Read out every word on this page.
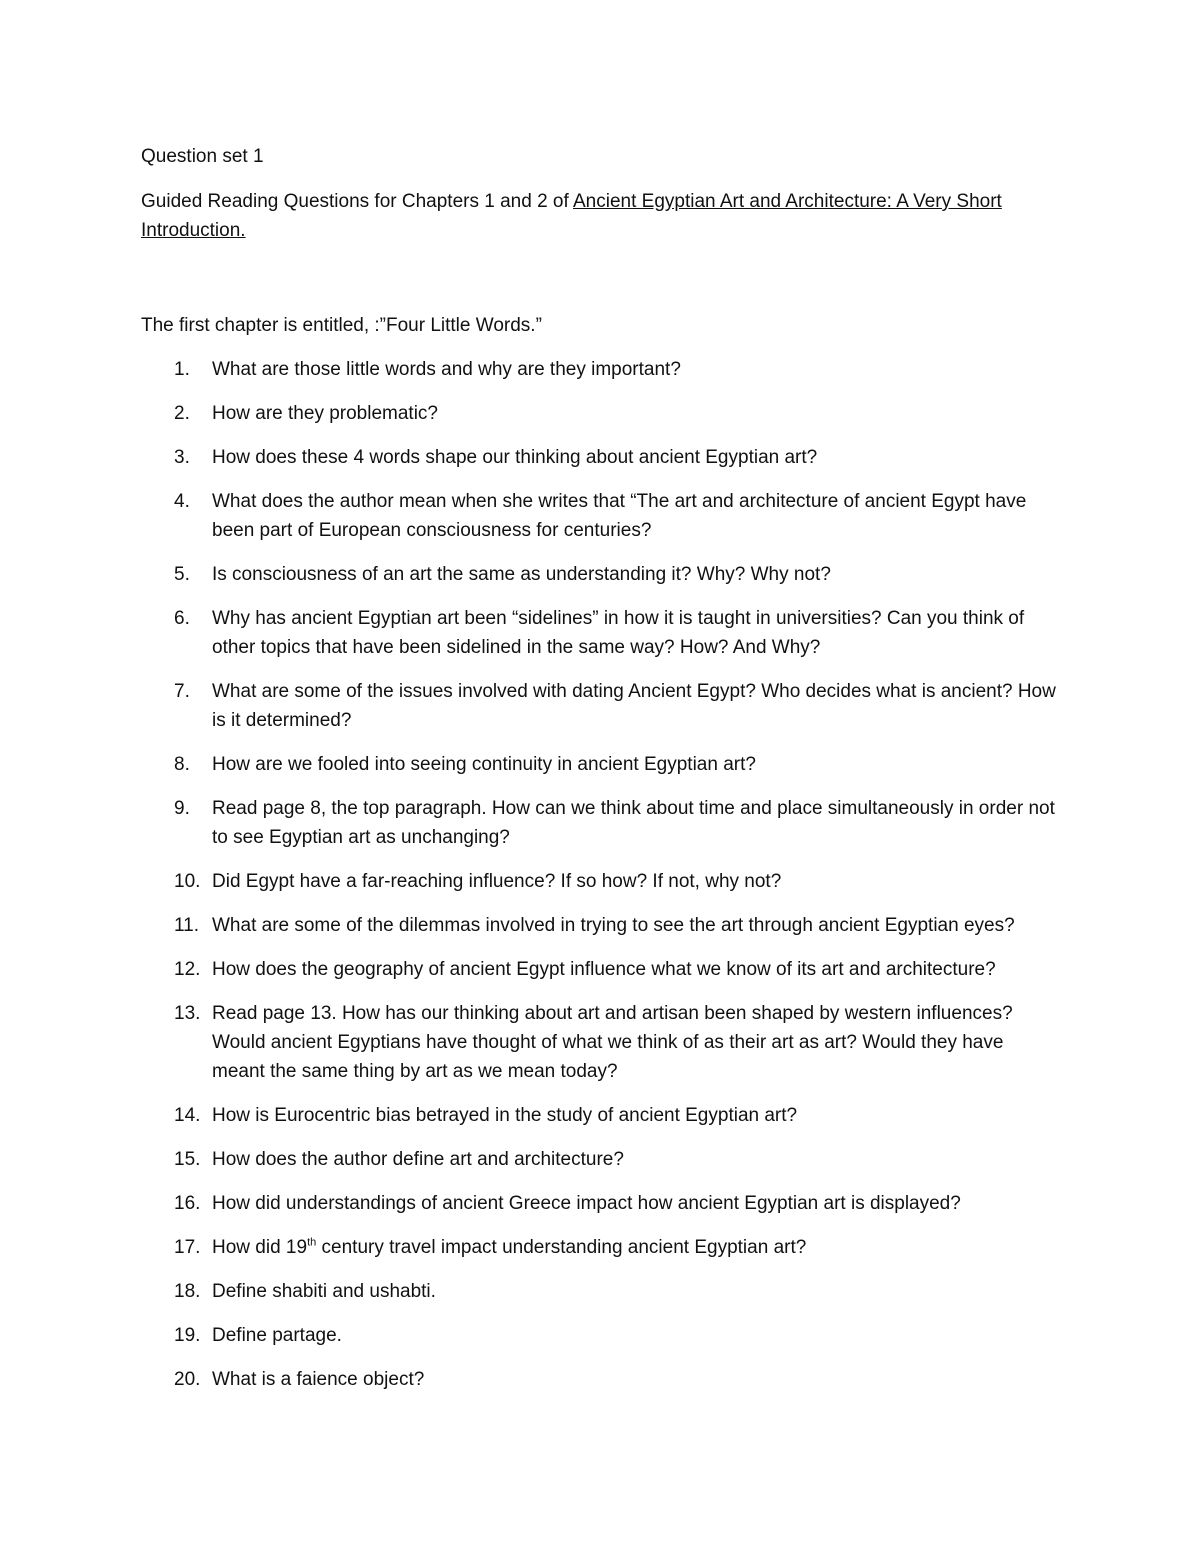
Question set 1

Guided Reading Questions for Chapters 1 and 2 of Ancient Egyptian Art and Architecture: A Very Short Introduction.

The first chapter is entitled, :”Four Little Words.”

1. What are those little words and why are they important?
2. How are they problematic?
3. How does these 4 words shape our thinking about ancient Egyptian art?
4. What does the author mean when she writes that “The art and architecture of ancient Egypt have been part of European consciousness for centuries?
5. Is consciousness of an art the same as understanding it? Why? Why not?
6. Why has ancient Egyptian art been “sidelines” in how it is taught in universities? Can you think of other topics that have been sidelined in the same way? How? And Why?
7. What are some of the issues involved with dating Ancient Egypt? Who decides what is ancient? How is it determined?
8. How are we fooled into seeing continuity in ancient Egyptian art?
9. Read page 8, the top paragraph. How can we think about time and place simultaneously in order not to see Egyptian art as unchanging?
10. Did Egypt have a far-reaching influence? If so how? If not, why not?
11. What are some of the dilemmas involved in trying to see the art through ancient Egyptian eyes?
12. How does the geography of ancient Egypt influence what we know of its art and architecture?
13. Read page 13. How has our thinking about art and artisan been shaped by western influences? Would ancient Egyptians have thought of what we think of as their art as art? Would they have meant the same thing by art as we mean today?
14. How is Eurocentric bias betrayed in the study of ancient Egyptian art?
15. How does the author define art and architecture?
16. How did understandings of ancient Greece impact how ancient Egyptian art is displayed?
17. How did 19th century travel impact understanding ancient Egyptian art?
18. Define shabiti and ushabti.
19. Define partage.
20. What is a faience object?
